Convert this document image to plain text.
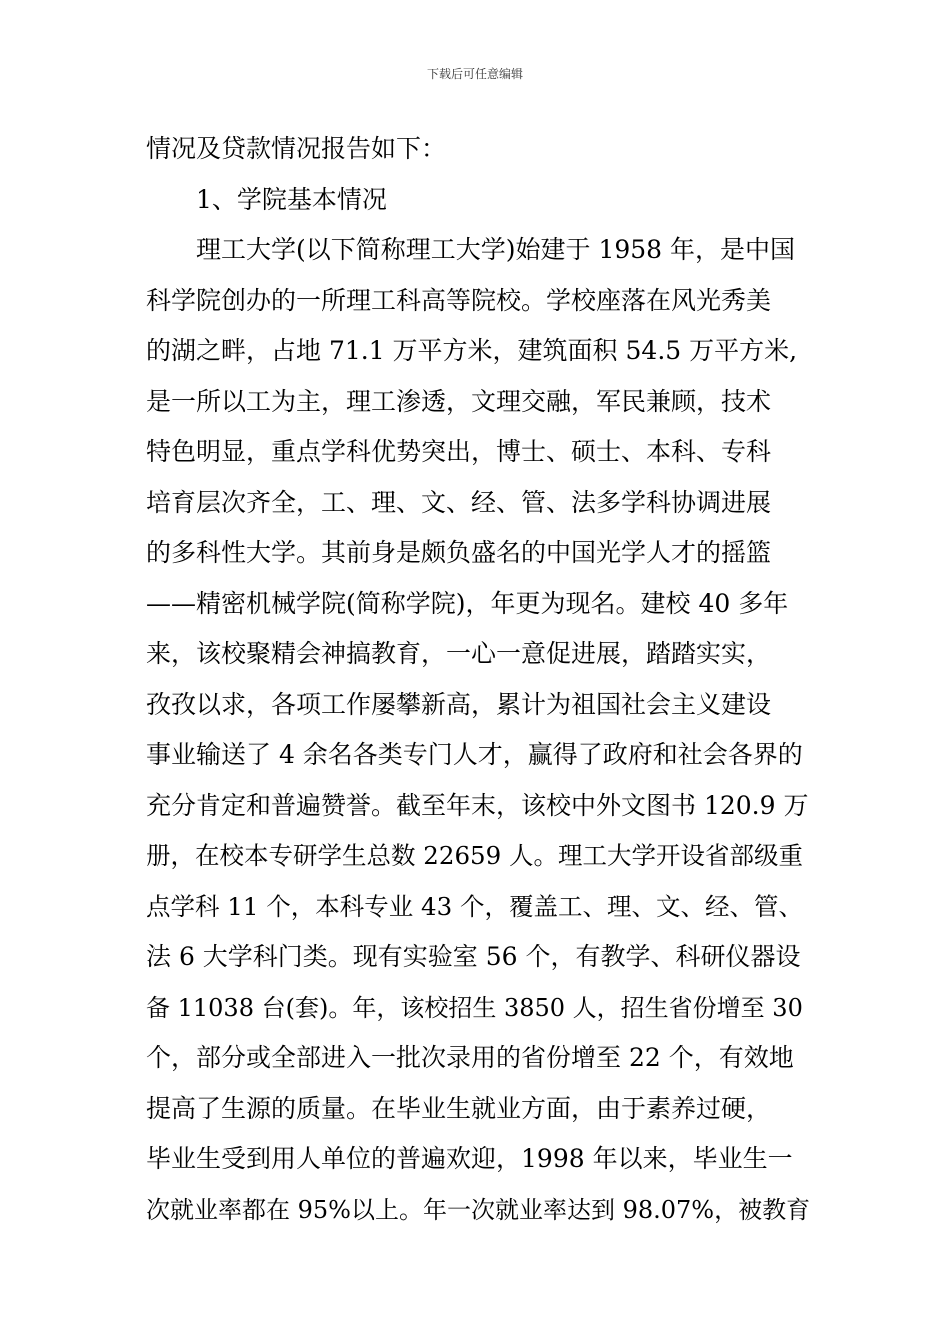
下载后可任意编辑
情况及贷款情况报告如下：
1、学院基本情况
理工大学(以下简称理工大学)始建于 1958 年，是中国
科学院创办的一所理工科高等院校。学校座落在风光秀美
的湖之畔，占地 71.1 万平方米，建筑面积 54.5 万平方米,
是一所以工为主，理工渗透，文理交融，军民兼顾，技术
特色明显，重点学科优势突出，博士、硕士、本科、专科
培育层次齐全，工、理、文、经、管、法多学科协调进展
的多科性大学。其前身是颇负盛名的中国光学人才的摇篮
——精密机械学院(简称学院)，年更为现名。建校 40 多年
来，该校聚精会神搞教育，一心一意促进展，踏踏实实，
孜孜以求，各项工作屡攀新高，累计为祖国社会主义建设
事业输送了 4 余名各类专门人才，赢得了政府和社会各界的
充分肯定和普遍赞誉。截至年末，该校中外文图书 120.9 万
册，在校本专研学生总数 22659 人。理工大学开设省部级重
点学科 11 个，本科专业 43 个，覆盖工、理、文、经、管、
法 6 大学科门类。现有实验室 56 个，有教学、科研仪器设
备 11038 台(套)。年，该校招生 3850 人，招生省份增至 30
个，部分或全部进入一批次录用的省份增至 22 个，有效地
提高了生源的质量。在毕业生就业方面，由于素养过硬，
毕业生受到用人单位的普遍欢迎，1998 年以来，毕业生一
次就业率都在 95%以上。年一次就业率达到 98.07%，被教育
